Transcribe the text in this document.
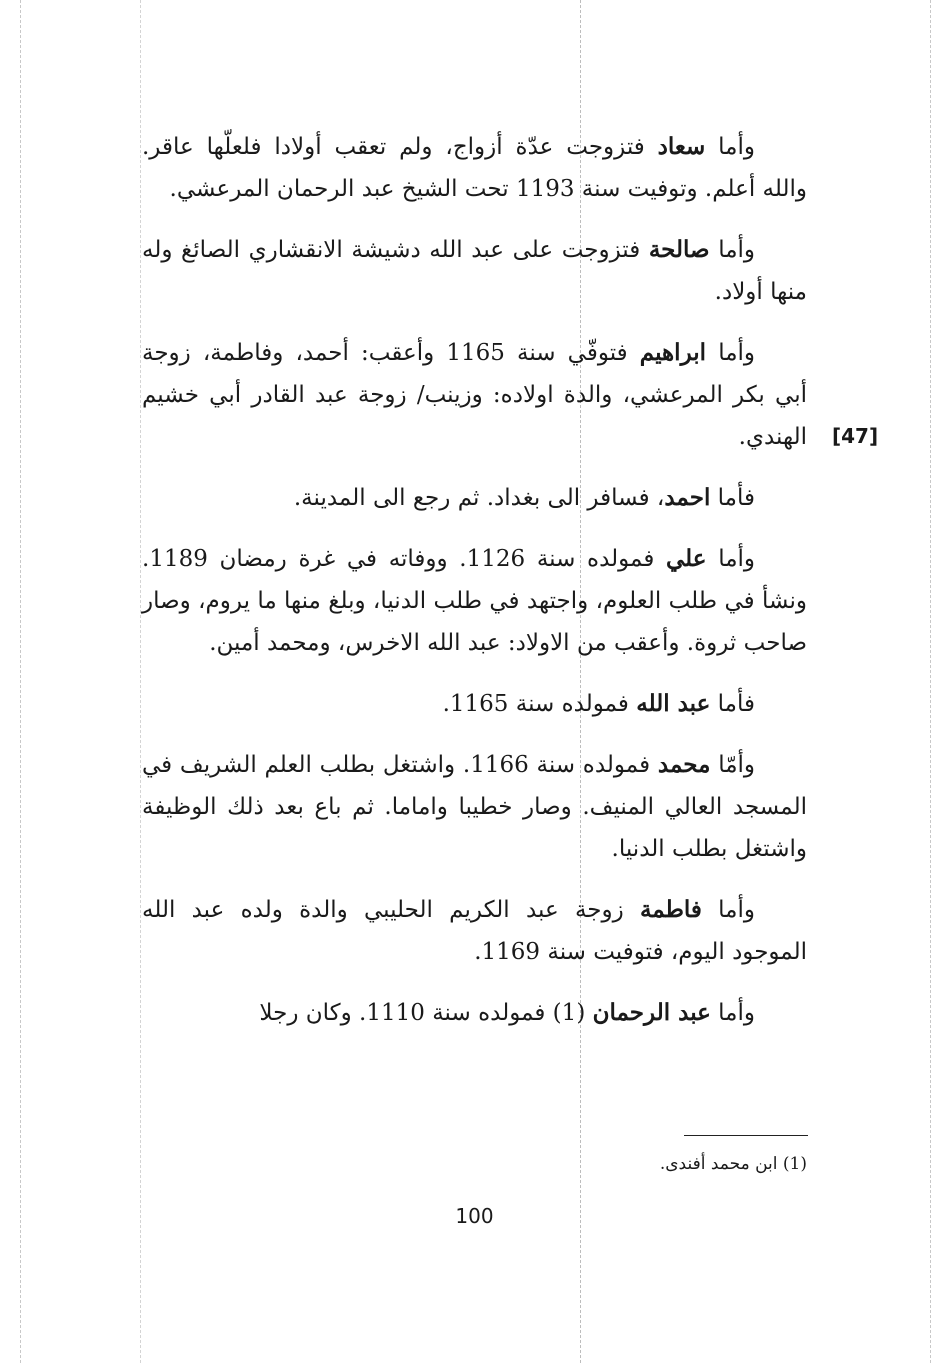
[47]

وأما سعاد فتزوجت عدّة أزواج، ولم تعقب أولادا فلعلّها عاقر. والله أعلم. وتوفيت سنة 1193 تحت الشيخ عبد الرحمان المرعشي.

وأما صالحة فتزوجت على عبد الله دشيشة الانقشاري الصائغ وله منها أولاد.

وأما ابراهيم فتوفّي سنة 1165 وأعقب: أحمد، وفاطمة، زوجة أبي بكر المرعشي، والدة اولاده: وزينب/ زوجة عبد القادر أبي خشيم الهندي.

فأما احمد، فسافر الى بغداد. ثم رجع الى المدينة.

وأما علي فمولده سنة 1126. ووفاته في غرة رمضان 1189. ونشأ في طلب العلوم، واجتهد في طلب الدنيا، وبلغ منها ما يروم، وصار صاحب ثروة. وأعقب من الاولاد: عبد الله الاخرس، ومحمد أمين.

فأما عبد الله فمولده سنة 1165.

وأمّا محمد فمولده سنة 1166. واشتغل بطلب العلم الشريف في المسجد العالي المنيف. وصار خطيبا واماما. ثم باع بعد ذلك الوظيفة واشتغل بطلب الدنيا.

وأما فاطمة زوجة عبد الكريم الحليبي والدة ولده عبد الله الموجود اليوم، فتوفيت سنة 1169.

وأما عبد الرحمان (1) فمولده سنة 1110. وكان رجلا

(1) ابن محمد أفندى.
100
